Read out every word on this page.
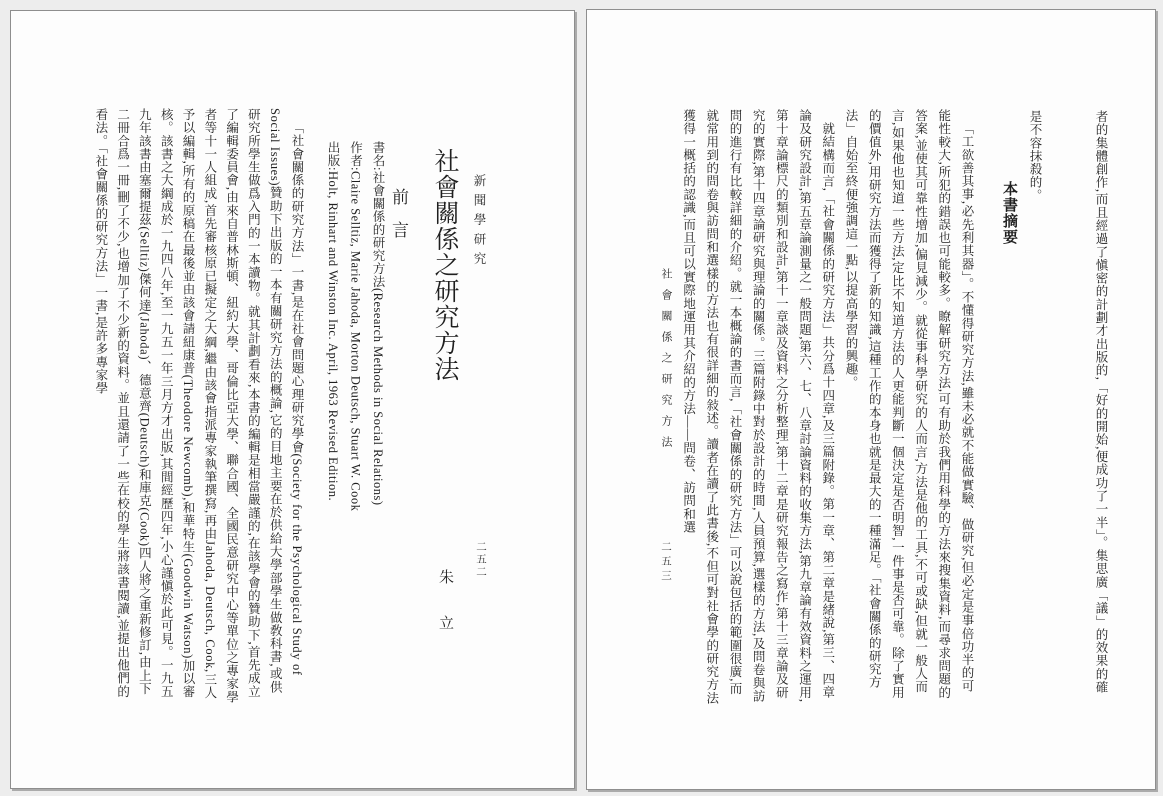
新聞學研究
二五二
社會關係之研究方法
朱立
前言

書名:社會關係的研究方法(Research Methods in Social Relations)

作者:Claire Selltiz, Marie Jahoda, Morton Deutsch, Stuart W. Cook

出版:Holt, Rinhart and Winston Inc. April, 1963 Revised Edition.

「社會關係的研究方法」一書,是在社會問題心理研究學會(Society for the Psychological Study of Social Issues)贊助下出版的一本有關研究方法的概論,它的目地主要在於供給大學部學生做敎科書,或供研究所學生做爲入門的一本讀物。就其計劃看來,本書的編輯是相當嚴謹的,在該學會的贊助下,首先成立了編輯委員會,由來自普林斯頓、紐約大學、哥倫比亞大學、聯合國、全國民意研究中心等單位之專家學者等十一人組成,首先審核原已擬定之大綱,繼由該會指派專家執筆撰寫,再由Jahoda, Deutsch, Cook,三人予以編輯,所有的原稿在最後並由該會請紐康普(Theodore Newcomb),和華特生(Goodwin Watson)加以審核。該書之大綱成於一九四八年,至一九五一年三月方才出版,其間經歷四年,小心謹愼於此可見。一九五九年該書由塞爾提茲(Selltiz)傑何達(Jahoda)、德意齊(Deutsch)和庫克(Cook)四人將之重新修訂,由上下二冊合爲一冊,刪了不少,也增加了不少新的資料。並且還請了一些在校的學生將該書閱讀,並提出他們的看法。「社會關係的研究方法」一書,是許多專家學	者的集體創作,而且經過了愼密的計劃才出版的,「好的開始,便成功了一半」。集思廣「議」的效果的確是不容抹殺的。

本書摘要

「工欲善其事,必先利其器」。不懂得研究方法,雖未必就不能做實驗、做研究,但必定是事倍功半的可能性較大,所犯的錯誤也可能較多。瞭解研究方法,可有助於我們用科學的方法來搜集資料,而尋求問題的答案,並使其可靠性增加,偏見減少。就從事科學研究的人而言,方法是他的工具,不可或缺,但就一般人而言,如果他也知道一些方法,定比不知道方法的人更能判斷一個決定是否明智,一件事是否可靠。除了實用的價值外,用研究方法而獲得了新的知識,這種工作的本身也就是最大的一種滿足。「社會關係的研究方法」自始至終便強調這一點,以提高學習的興趣。

就結構而言,「社會關係的研究方法」共分爲十四章,及三篇附錄。第一章、第二章是緒說,第三、四章論及研究設計,第五章論測量之一般問題,第六、七、八章討論資料的收集方法,第九章論有效資料之運用,第十章論標尺的類別和設計,第十一章談及資料之分析整理,第十二章是研究報告之寫作,第十三章論及研究的實際,第十四章論研究與理論的關係。三篇附錄中對於設計的時間,人員預算,選樣的方法,及問卷與訪問的進行有比較詳細的介紹。就一本概論的書而言,「社會關係的研究方法」可以說包括的範圍很廣,而就常用到的問卷與訪問和選樣的方法也有很詳細的敍述。讀者在讀了此書後,不但可對社會學的研究方法獲得一概括的認識,而且可以實際地運用其介紹的方法——問卷、訪問和選

社會關係之研究方法
二五三
